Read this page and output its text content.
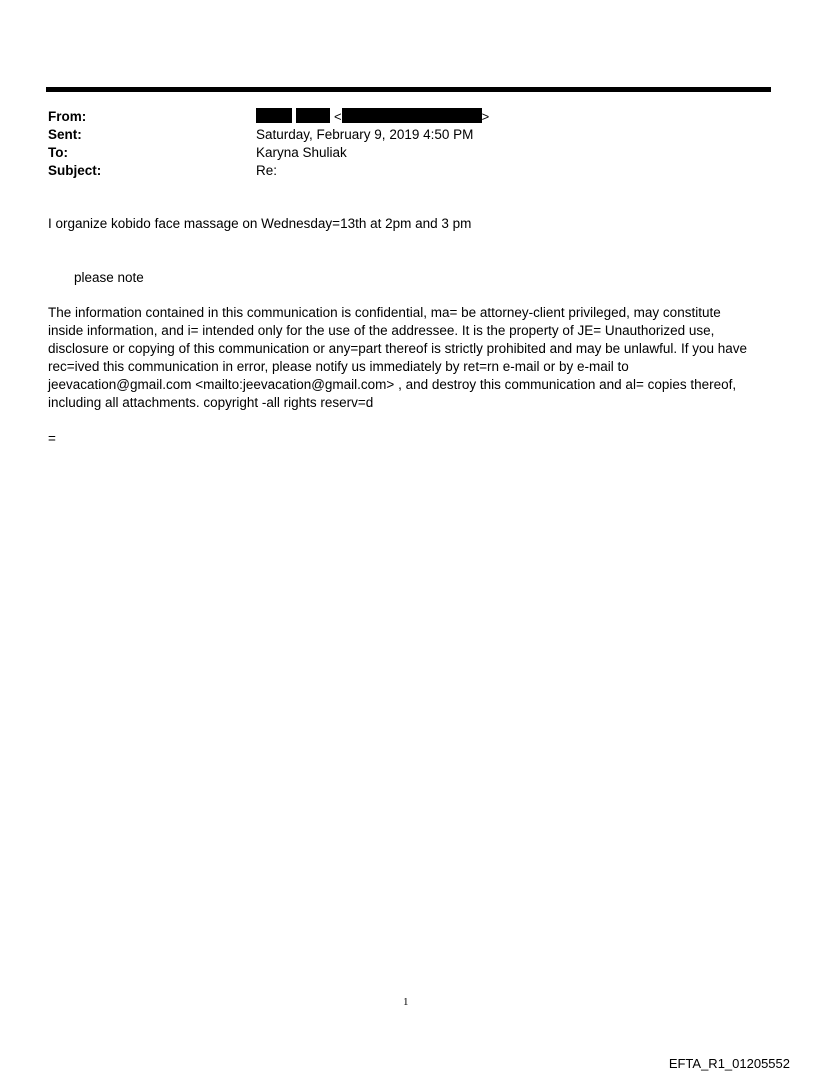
From:	<	>
Sent:	Saturday, February 9, 2019 4:50 PM
To:	Karyna Shuliak
Subject:	Re:
I organize kobido face massage on Wednesday=13th at 2pm and 3 pm
please note
The information contained in this communication is confidential, ma= be attorney-client privileged, may constitute
inside information, and i= intended only for the use of the addressee. It is the property of JE= Unauthorized use,
disclosure or copying of this communication or any=part thereof is strictly prohibited and may be unlawful. If you have
rec=ived this communication in error, please notify us immediately by ret=rn e-mail or by e-mail to
jeevacation@gmail.com <mailto:jeevacation@gmail.com> , and destroy this communication and al= copies thereof,
including all attachments. copyright -all rights reserv=d
=
1
EFTA_R1_01205552
